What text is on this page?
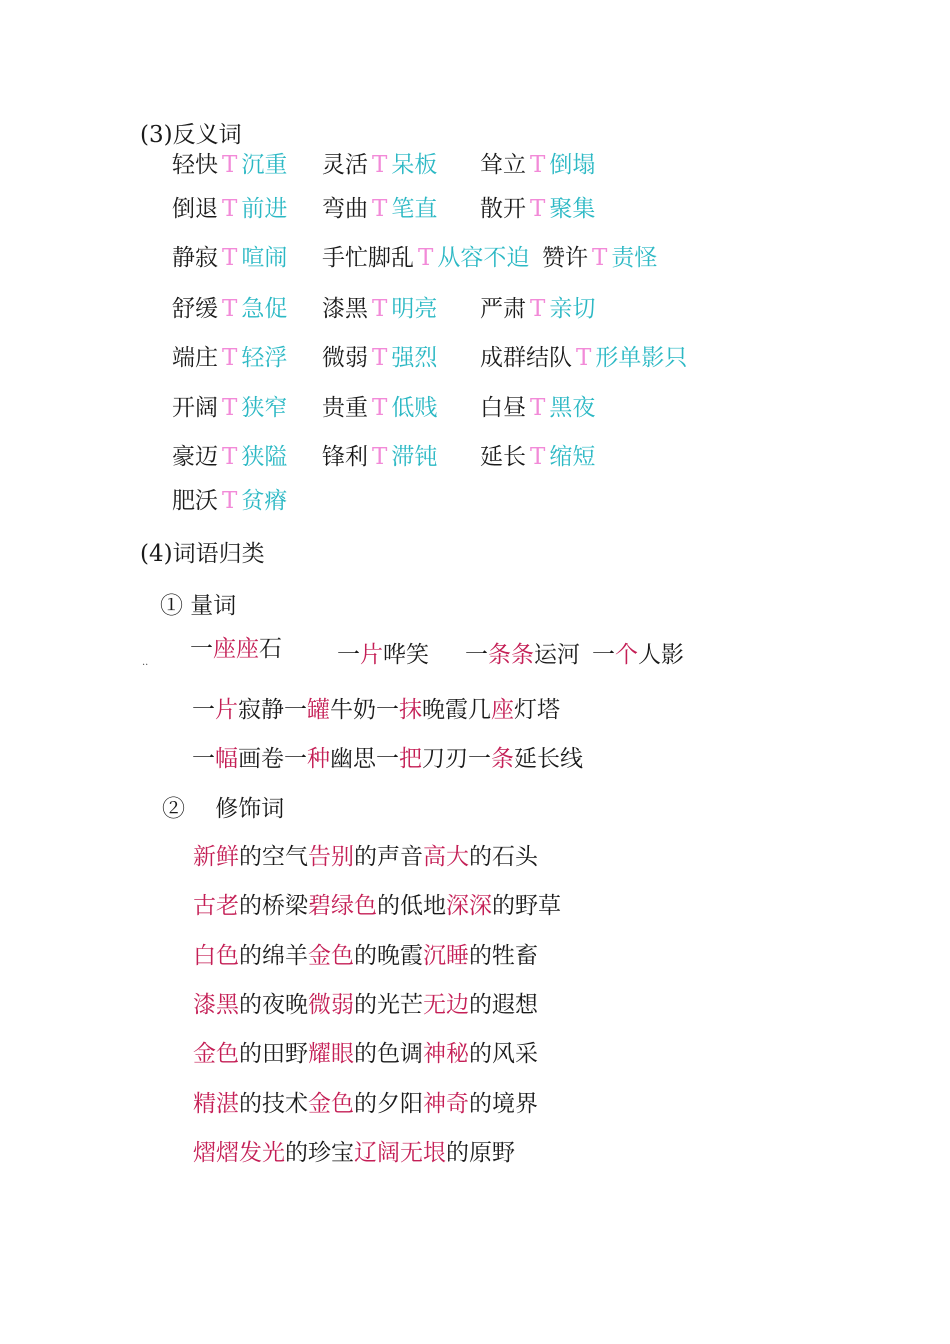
(3)反义词
轻快 T 沉重 灵活 T 呆板 耸立 T 倒塌
倒退 T 前进 弯曲 T 笔直 散开 T 聚集
静寂 T 喧闹 手忙脚乱 T 从容不迫 赞许 T 责怪
舒缓 T 急促 漆黑 T 明亮 严肃 T 亲切
端庄 T 轻浮 微弱 T 强烈 成群结队 T 形单影只
开阔 T 狭窄 贵重 T 低贱 白昼 T 黑夜
豪迈 T 狭隘 锋利 T 滞钝 延长 T 缩短
肥沃 T 贫瘠
(4)词语归类
① 量词
··
一座座石 一片哗笑 一条条运河 一个人影
一片寂静一罐牛奶一抹晚霞几座灯塔
一幅画卷一种幽思一把刀刃一条延长线
②　 修饰词
新鲜的空气告别的声音高大的石头
古老的桥梁碧绿色的低地深深的野草
白色的绵羊金色的晚霞沉睡的牲畜
漆黑的夜晚微弱的光芒无边的遐想
金色的田野耀眼的色调神秘的风采
精湛的技术金色的夕阳神奇的境界
熠熠发光的珍宝辽阔无垠的原野
